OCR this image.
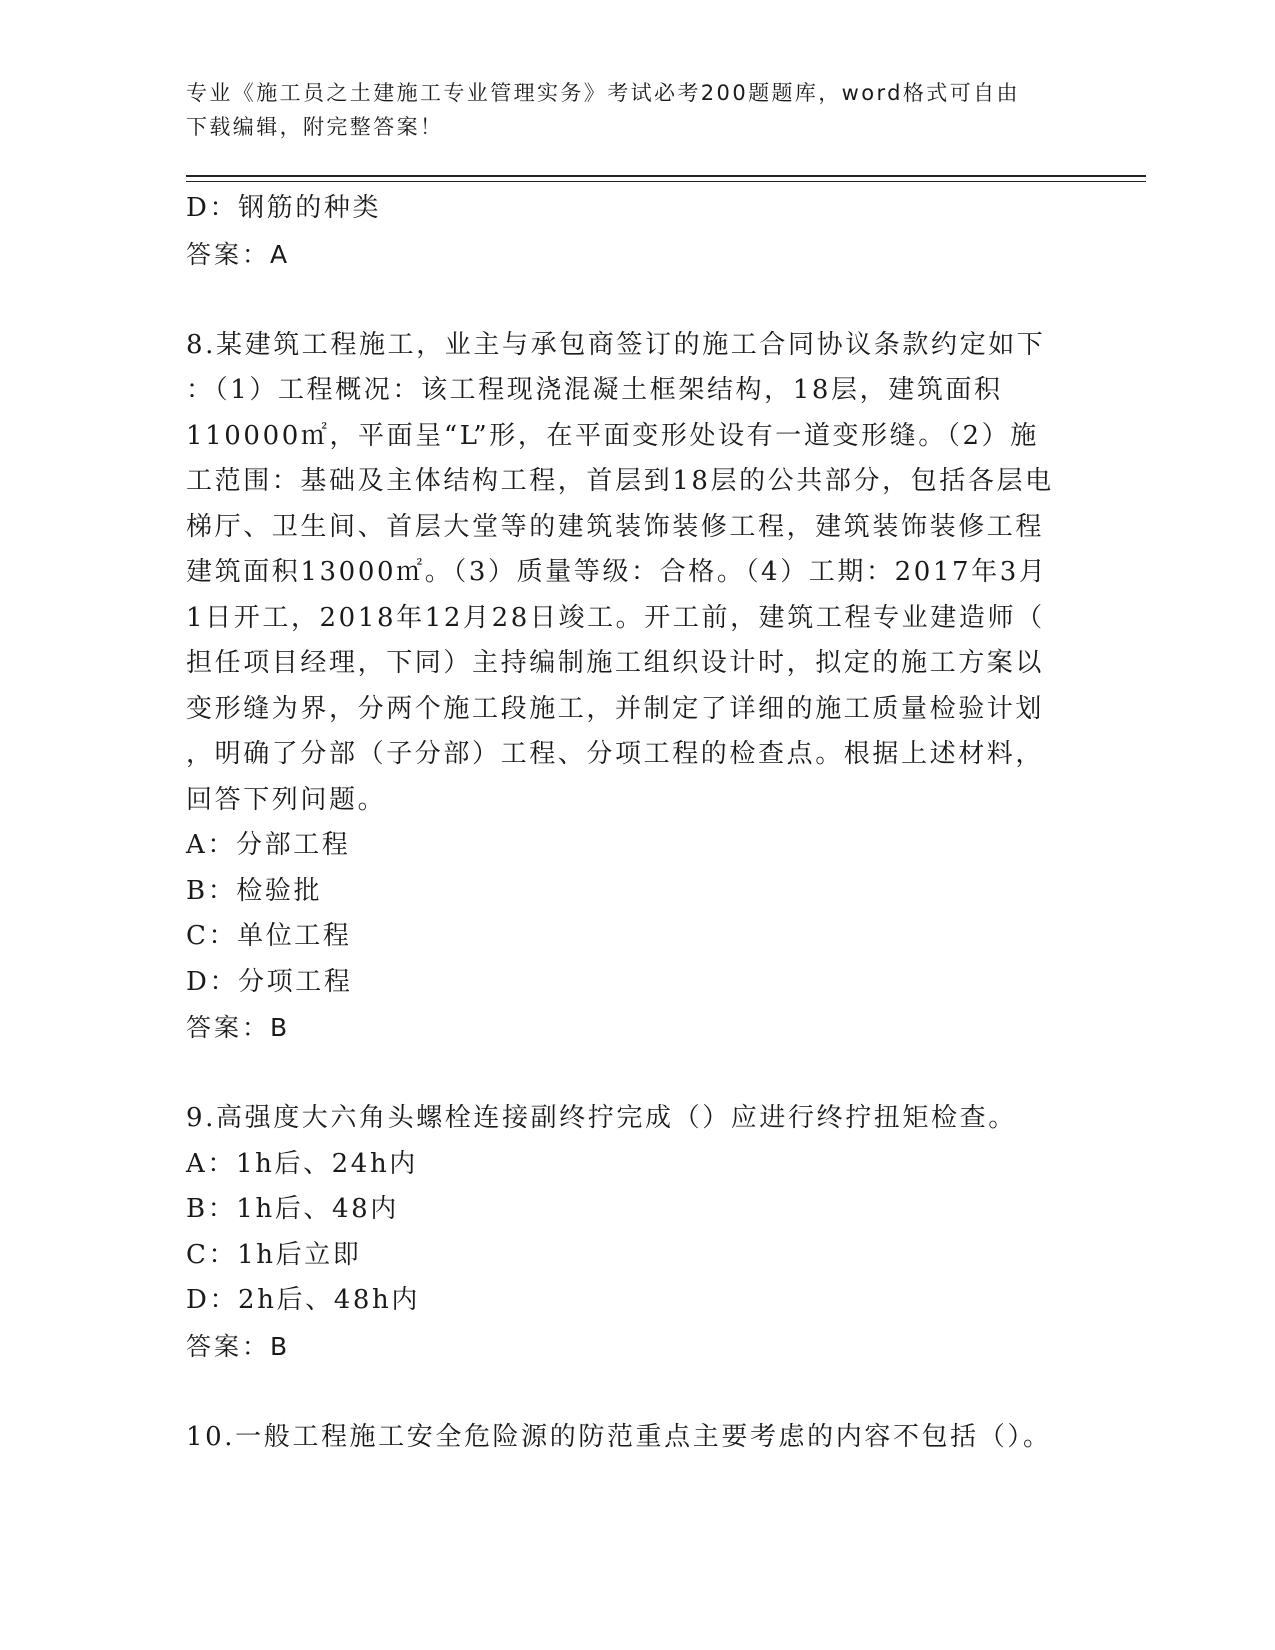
专业《施工员之土建施工专业管理实务》考试必考200题题库，word格式可自由
下载编辑，附完整答案！
D：钢筋的种类
答案：A
8.某建筑工程施工，业主与承包商签订的施工合同协议条款约定如下
：（1）工程概况：该工程现浇混凝土框架结构，18层，建筑面积
110000㎡，平面呈“L”形，在平面变形处设有一道变形缝。（2）施
工范围：基础及主体结构工程，首层到18层的公共部分，包括各层电
梯厅、卫生间、首层大堂等的建筑装饰装修工程，建筑装饰装修工程
建筑面积13000㎡。（3）质量等级：合格。（4）工期：2017年3月
1日开工，2018年12月28日竣工。开工前，建筑工程专业建造师（
担任项目经理，下同）主持编制施工组织设计时，拟定的施工方案以
变形缝为界，分两个施工段施工，并制定了详细的施工质量检验计划
，明确了分部（子分部）工程、分项工程的检查点。根据上述材料，
回答下列问题。
A：分部工程
B：检验批
C：单位工程
D：分项工程
答案：B
9.高强度大六角头螺栓连接副终拧完成（）应进行终拧扭矩检查。
A：1h后、24h内
B：1h后、48内
C：1h后立即
D：2h后、48h内
答案：B
10.一般工程施工安全危险源的防范重点主要考虑的内容不包括（）。
